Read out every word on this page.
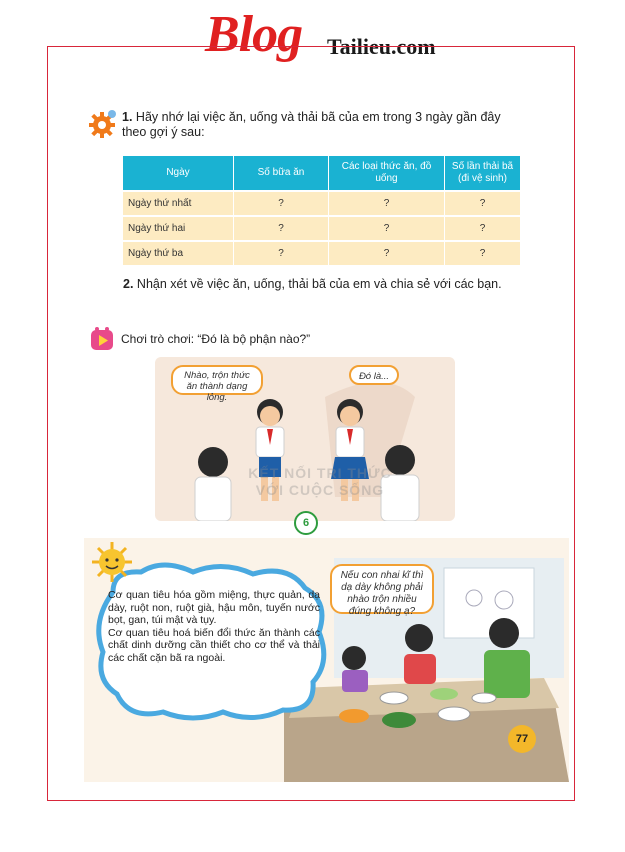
Blog Tailieu.com
1. Hãy nhớ lại việc ăn, uống và thải bã của em trong 3 ngày gần đây theo gợi ý sau:
Ngày	Số bữa ăn	Các loại thức ăn, đồ uống	Số lần thải bã (đi vệ sinh)
Ngày thứ nhất	?	?	?
Ngày thứ hai	?	?	?
Ngày thứ ba	?	?	?
2. Nhận xét về việc ăn, uống, thải bã của em và chia sẻ với các bạn.
Chơi trò chơi: “Đó là bộ phận nào?”
KẾT NỐI TRI THỨC
VỚI CUỘC SỐNG
Nhào, trộn thức ăn thành dạng lỏng.
Đó là...
6
Nếu con nhai kĩ thì dạ dày không phải nhào trộn nhiều đúng không ạ?
Cơ quan tiêu hóa gồm miệng, thực quản, dạ dày, ruột non, ruột già, hậu môn, tuyến nước bọt, gan, túi mật và tụy.
Cơ quan tiêu hoá biến đổi thức ăn thành các chất dinh dưỡng cần thiết cho cơ thể và thải các chất cặn bã ra ngoài.
77
